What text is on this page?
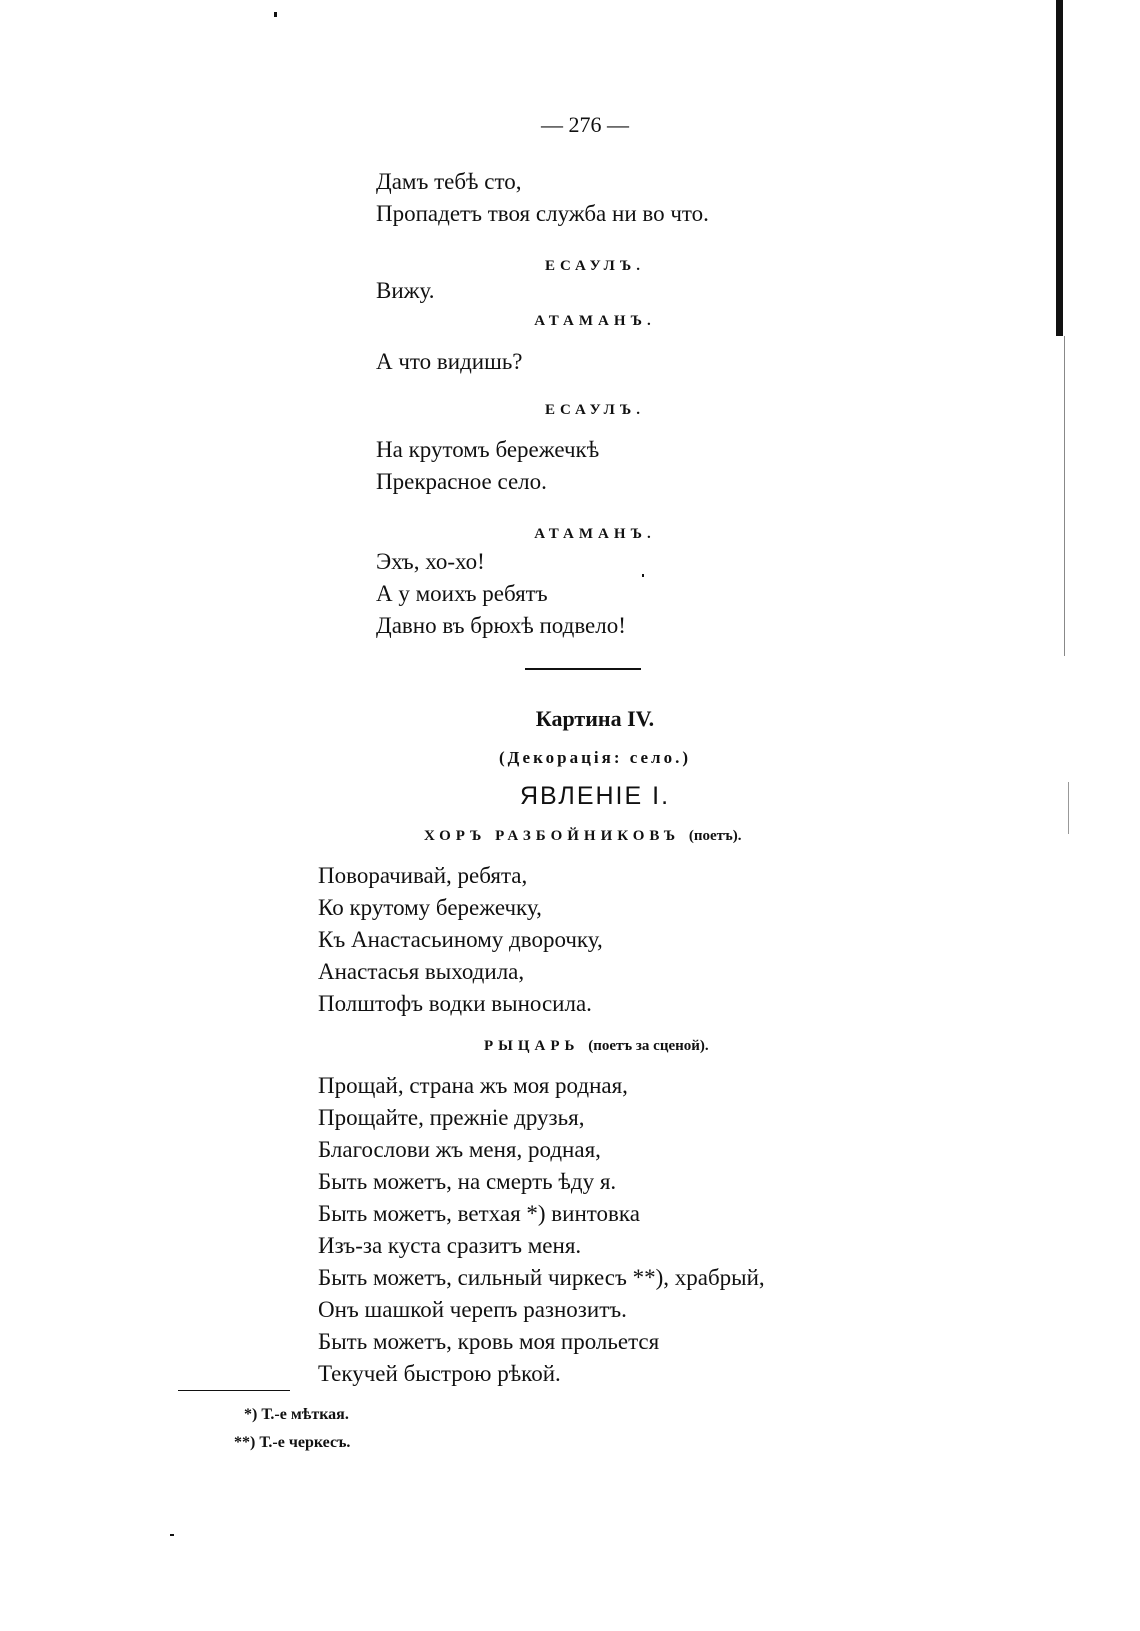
— 276 —
Дамъ тебѣ сто,
Пропадетъ твоя служба ни во что.
ЕСАУЛЪ.
Вижу.
АТАМАНЪ.
А что видишь?
ЕСАУЛЪ.
На крутомъ бережечкѣ
Прекрасное село.
АТАМАНЪ.
Эхъ, хо-хо!
А у моихъ ребятъ
Давно въ брюхѣ подвело!
Картина IV.
(Декорація: село.)
ЯВЛЕНІЕ I.
ХОРЪ РАЗБОЙНИКОВЪ (поетъ).
Поворачивай, ребята,
Ко крутому бережечку,
Къ Анастасьиному дворочку,
Анастасья выходила,
Полштофъ водки выносила.
РЫЦАРЬ (поетъ за сценой).
Прощай, страна жъ моя родная,
Прощайте, прежніе друзья,
Благослови жъ меня, родная,
Быть можетъ, на смерть ѣду я.
Быть можетъ, ветхая *) винтовка
Изъ-за куста сразитъ меня.
Быть можетъ, сильный чиркесъ **), храбрый,
Онъ шашкой черепъ разнозитъ.
Быть можетъ, кровь моя прольется
Текучей быстрою рѣкой.
*) Т.-е мѣткая.
**) Т.-е черкесъ.
